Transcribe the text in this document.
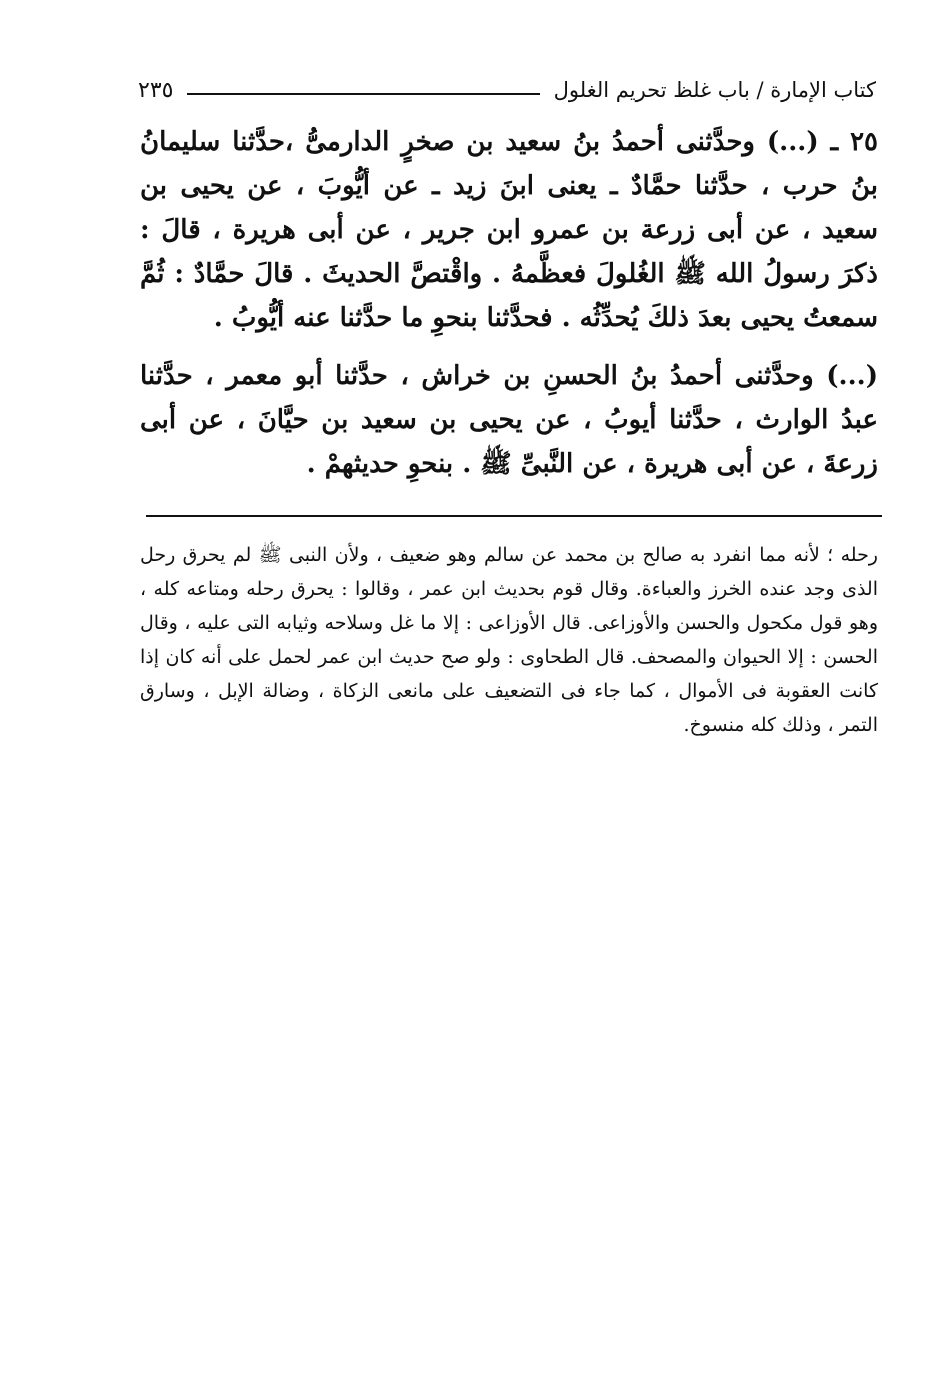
كتاب الإمارة / باب غلظ تحريم الغلول
٢٣٥

٢٥ ـ (...) وحدَّثنى أحمدُ بنُ سعيد بن صخرٍ الدارمىُّ ،حدَّثنا سليمانُ بنُ حرب ، حدَّثنا حمَّادٌ ـ يعنى ابنَ زيد ـ عن أيُّوبَ ، عن يحيى بن سعيد ، عن أبى زرعة بن عمرو ابن جرير ، عن أبى هريرة ، قالَ : ذكرَ رسولُ الله ﷺ الغُلولَ فعظَّمهُ . واقْتصَّ الحديثَ . قالَ حمَّادٌ : ثُمَّ سمعتُ يحيى بعدَ ذلكَ يُحدِّثُه . فحدَّثنا بنحوِ ما حدَّثنا عنه أيُّوبُ .

(...) وحدَّثنى أحمدُ بنُ الحسنِ بن خراش ، حدَّثنا أبو معمر ، حدَّثنا عبدُ الوارث ، حدَّثنا أيوبُ ، عن يحيى بن سعيد بن حيَّانَ ، عن أبى زرعةَ ، عن أبى هريرة ، عن النَّبىِّ ﷺ . بنحوِ حديثهمْ .

رحله ؛ لأنه مما انفرد به صالح بن محمد عن سالم وهو ضعيف ، ولأن النبى ﷺ لم يحرق رحل الذى وجد عنده الخرز والعباءة. وقال قوم بحديث ابن عمر ، وقالوا : يحرق رحله ومتاعه كله ، وهو قول مكحول والحسن والأوزاعى. قال الأوزاعى : إلا ما غل وسلاحه وثيابه التى عليه ، وقال الحسن : إلا الحيوان والمصحف. قال الطحاوى : ولو صح حديث ابن عمر لحمل على أنه كان إذا كانت العقوبة فى الأموال ، كما جاء فى التضعيف على مانعى الزكاة ، وضالة الإبل ، وسارق التمر ، وذلك كله منسوخ.
